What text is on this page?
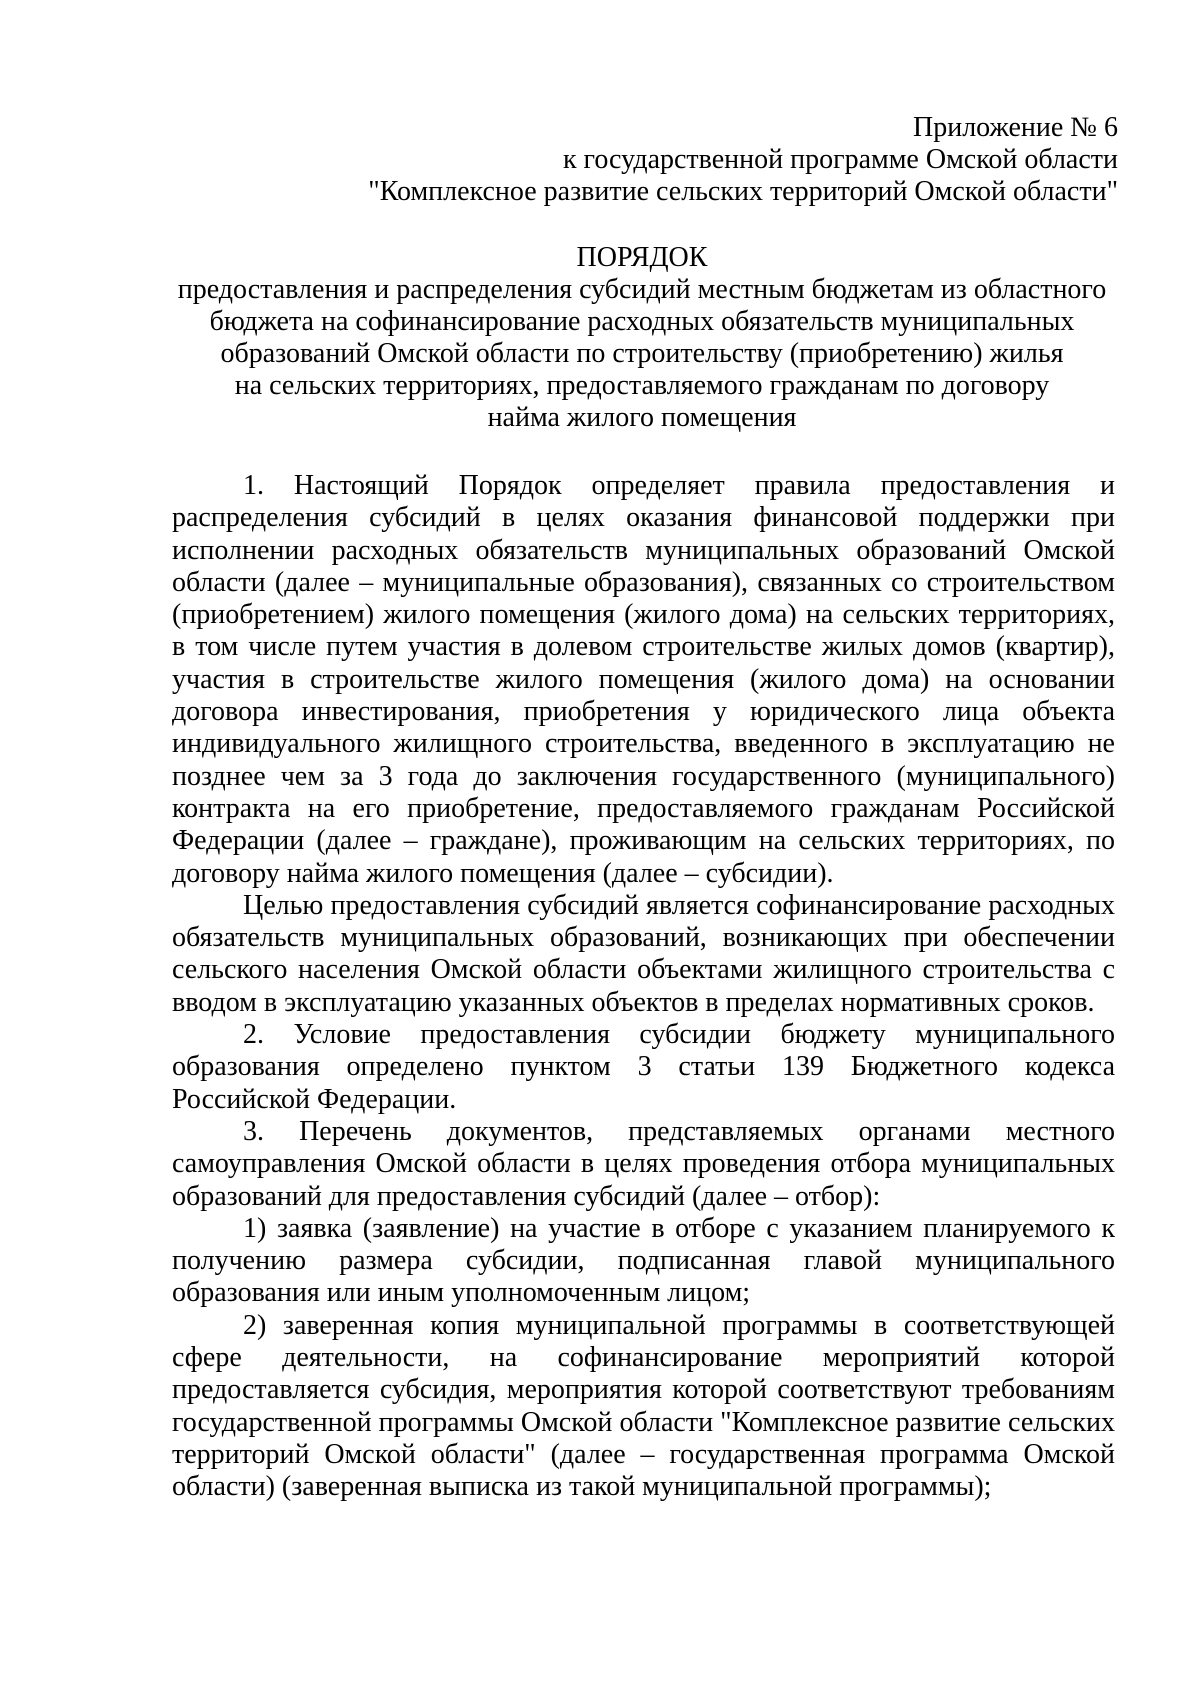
Приложение № 6
к государственной программе Омской области
"Комплексное развитие сельских территорий Омской области"
ПОРЯДОК
предоставления и распределения субсидий местным бюджетам из областного
бюджета на софинансирование расходных обязательств муниципальных
образований Омской области по строительству (приобретению) жилья
на сельских территориях, предоставляемого гражданам по договору
найма жилого помещения

1. Настоящий Порядок определяет правила предоставления и распределения субсидий в целях оказания финансовой поддержки при исполнении расходных обязательств муниципальных образований Омской области (далее – муниципальные образования), связанных со строительством (приобретением) жилого помещения (жилого дома) на сельских территориях, в том числе путем участия в долевом строительстве жилых домов (квартир), участия в строительстве жилого помещения (жилого дома) на основании договора инвестирования, приобретения у юридического лица объекта индивидуального жилищного строительства, введенного в эксплуатацию не позднее чем за 3 года до заключения государственного (муниципального) контракта на его приобретение, предоставляемого гражданам Российской Федерации (далее – граждане), проживающим на сельских территориях, по договору найма жилого помещения (далее – субсидии).

Целью предоставления субсидий является софинансирование расходных обязательств муниципальных образований, возникающих при обеспечении сельского населения Омской области объектами жилищного строительства с вводом в эксплуатацию указанных объектов в пределах нормативных сроков.

2. Условие предоставления субсидии бюджету муниципального образования определено пунктом 3 статьи 139 Бюджетного кодекса Российской Федерации.

3. Перечень документов, представляемых органами местного самоуправления Омской области в целях проведения отбора муниципальных образований для предоставления субсидий (далее – отбор):

1) заявка (заявление) на участие в отборе с указанием планируемого к получению размера субсидии, подписанная главой муниципального образования или иным уполномоченным лицом;

2) заверенная копия муниципальной программы в соответствующей сфере деятельности, на софинансирование мероприятий которой предоставляется субсидия, мероприятия которой соответствуют требованиям государственной программы Омской области "Комплексное развитие сельских территорий Омской области" (далее – государственная программа Омской области) (заверенная выписка из такой муниципальной программы);
